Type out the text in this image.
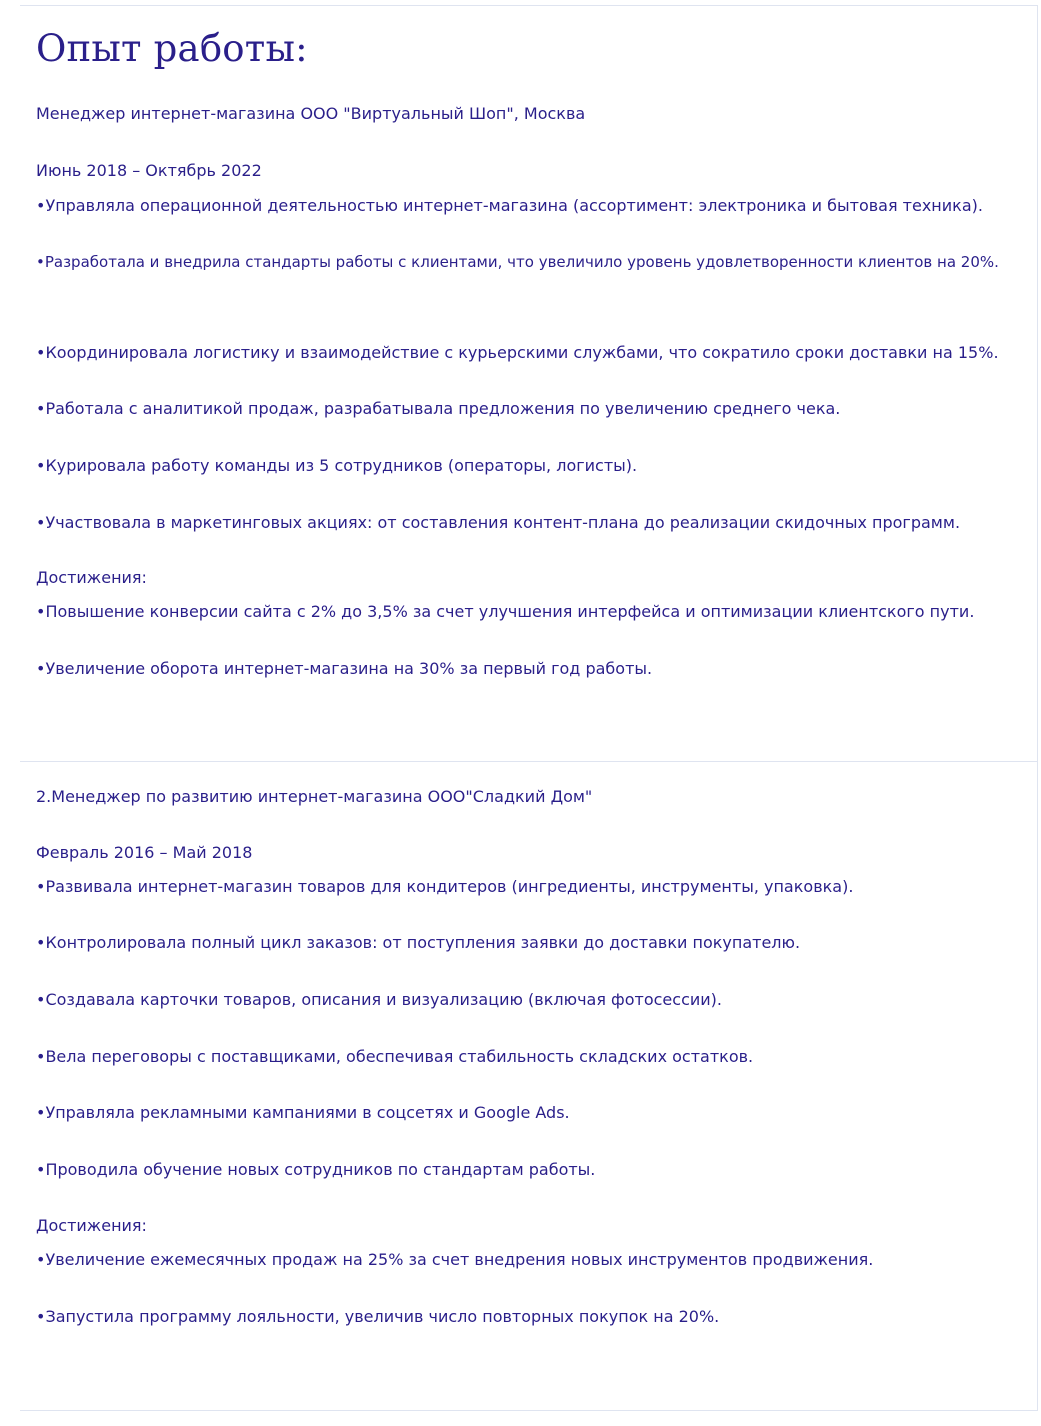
Опыт работы:

Менеджер интернет-магазина ООО "Виртуальный Шоп", Москва

Июнь 2018 – Октябрь 2022

•Управляла операционной деятельностью интернет-магазина (ассортимент: электроника и бытовая техника).

•Разработала и внедрила стандарты работы с клиентами, что увеличило уровень удовлетворенности клиентов на 20%.

•Координировала логистику и взаимодействие с курьерскими службами, что сократило сроки доставки на 15%.

•Работала с аналитикой продаж, разрабатывала предложения по увеличению среднего чека.

•Курировала работу команды из 5 сотрудников (операторы, логисты).

•Участвовала в маркетинговых акциях: от составления контент-плана до реализации скидочных программ.

Достижения:

•Повышение конверсии сайта с 2% до 3,5% за счет улучшения интерфейса и оптимизации клиентского пути.

•Увеличение оборота интернет-магазина на 30% за первый год работы.

2.Менеджер по развитию интернет-магазина ООО"Сладкий Дом"

Февраль 2016 – Май 2018

•Развивала интернет-магазин товаров для кондитеров (ингредиенты, инструменты, упаковка).

•Контролировала полный цикл заказов: от поступления заявки до доставки покупателю.

•Создавала карточки товаров, описания и визуализацию (включая фотосессии).

•Вела переговоры с поставщиками, обеспечивая стабильность складских остатков.

•Управляла рекламными кампаниями в соцсетях и Google Ads.

•Проводила обучение новых сотрудников по стандартам работы.

Достижения:

•Увеличение ежемесячных продаж на 25% за счет внедрения новых инструментов продвижения.

•Запустила программу лояльности, увеличив число повторных покупок на 20%.
